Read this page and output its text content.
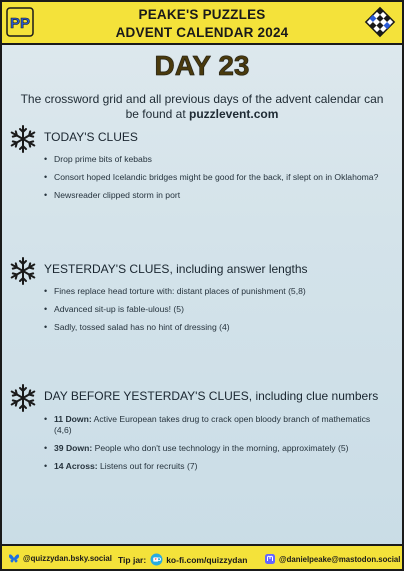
PP
PEAKE'S PUZZLES
ADVENT CALENDAR 2024
DAY 23
The crossword grid and all previous days of the advent calendar can be found at puzzlevent.com
TODAY'S CLUES
• Drop prime bits of kebabs
• Consort hoped Icelandic bridges might be good for the back, if slept on in Oklahoma?
• Newsreader clipped storm in port
YESTERDAY'S CLUES, including answer lengths
• Fines replace head torture with: distant places of punishment (5,8)
• Advanced sit-up is fable-ulous! (5)
• Sadly, tossed salad has no hint of dressing (4)
DAY BEFORE YESTERDAY'S CLUES, including clue numbers
• 11 Down: Active European takes drug to crack open bloody branch of mathematics (4,6)
• 39 Down: People who don't use technology in the morning, approximately (5)
• 14 Across: Listens out for recruits (7)
@quizzydan.bsky.social Tip jar: ko-fi.com/quizzydan	@danielpeake@mastodon.social
